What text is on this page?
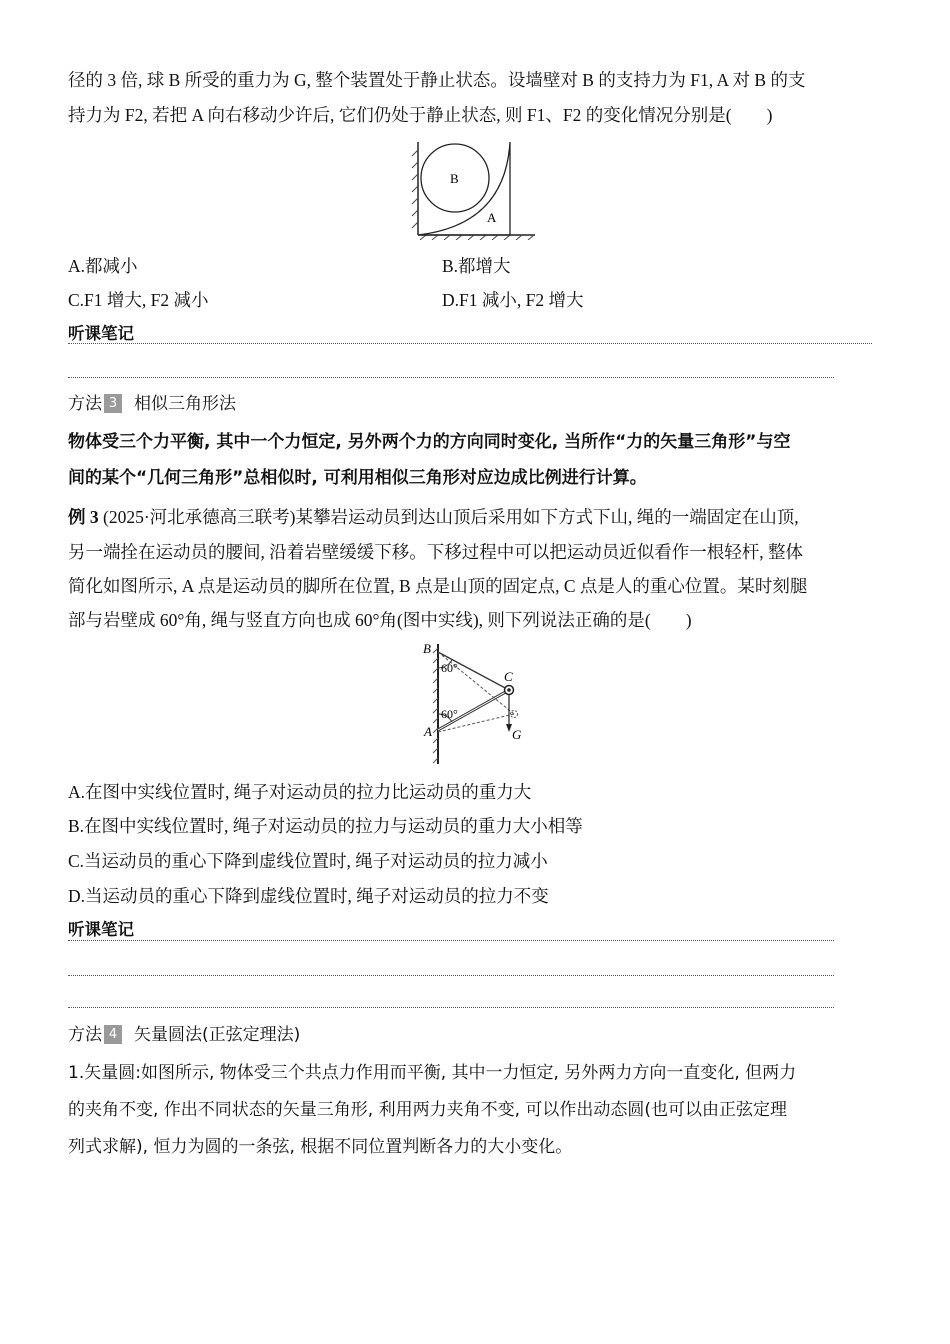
径的 3 倍, 球 B 所受的重力为 G, 整个装置处于静止状态。设墙壁对 B 的支持力为 F1, A 对 B 的支
持力为 F2, 若把 A 向右移动少许后, 它们仍处于静止状态, 则 F1、F2 的变化情况分别是(　　)
B
A
A.都减小	B.都增大
C.F1 增大, F2 减小	D.F1 减小, F2 增大
听课笔记
方法 3 相似三角形法
物体受三个力平衡, 其中一个力恒定, 另外两个力的方向同时变化, 当所作“力的矢量三角形”与空
间的某个“几何三角形”总相似时, 可利用相似三角形对应边成比例进行计算。
例 3 (2025·河北承德高三联考)某攀岩运动员到达山顶后采用如下方式下山, 绳的一端固定在山顶,
另一端拴在运动员的腰间, 沿着岩壁缓缓下移。下移过程中可以把运动员近似看作一根轻杆, 整体
简化如图所示, A 点是运动员的脚所在位置, B 点是山顶的固定点, C 点是人的重心位置。某时刻腿
部与岩壁成 60°角, 绳与竖直方向也成 60°角(图中实线), 则下列说法正确的是(　　)
B
60°
C
60°
A	G
A.在图中实线位置时, 绳子对运动员的拉力比运动员的重力大
B.在图中实线位置时, 绳子对运动员的拉力与运动员的重力大小相等
C.当运动员的重心下降到虚线位置时, 绳子对运动员的拉力减小
D.当运动员的重心下降到虚线位置时, 绳子对运动员的拉力不变
听课笔记
方法 4 矢量圆法(正弦定理法)
1.矢量圆:如图所示, 物体受三个共点力作用而平衡, 其中一力恒定, 另外两力方向一直变化, 但两力
的夹角不变, 作出不同状态的矢量三角形, 利用两力夹角不变, 可以作出动态圆(也可以由正弦定理
列式求解), 恒力为圆的一条弦, 根据不同位置判断各力的大小变化。
